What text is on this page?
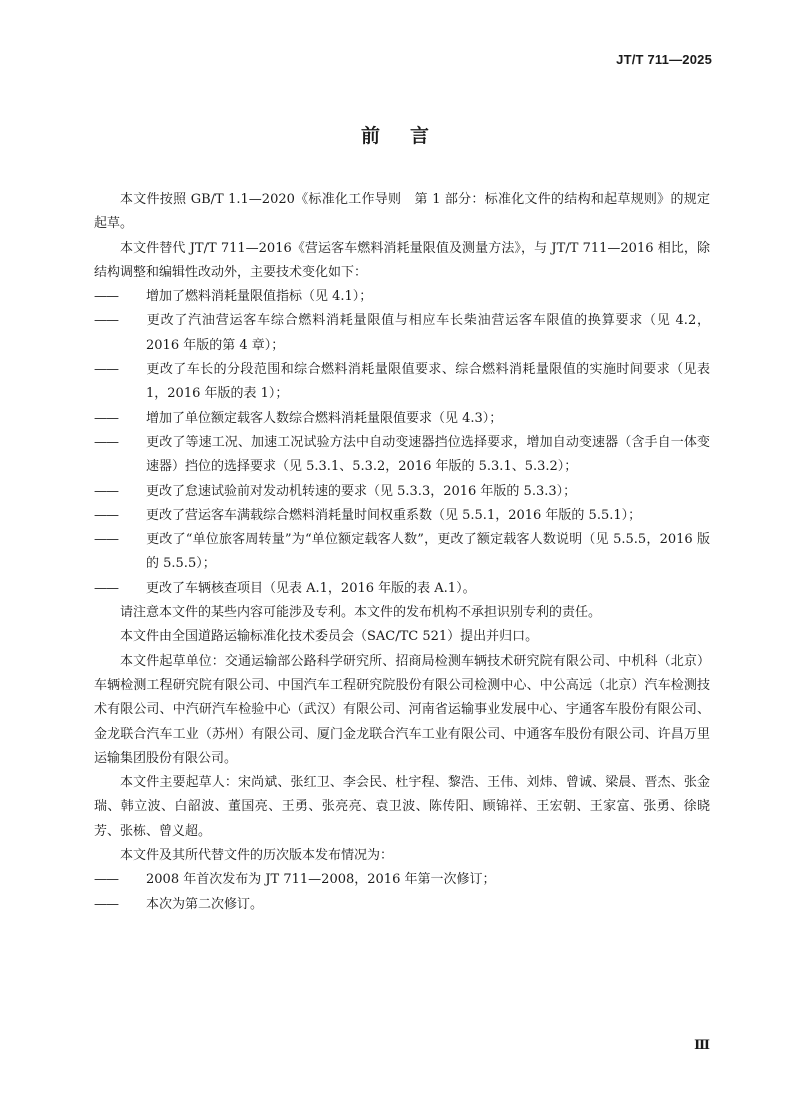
JT/T 711—2025
前言

本文件按照 GB/T 1.1—2020《标准化工作导则　第 1 部分：标准化文件的结构和起草规则》的规定起草。

本文件替代 JT/T 711—2016《营运客车燃料消耗量限值及测量方法》，与 JT/T 711—2016 相比，除结构调整和编辑性改动外，主要技术变化如下：

—— 增加了燃料消耗量限值指标（见 4.1）；

—— 更改了汽油营运客车综合燃料消耗量限值与相应车长柴油营运客车限值的换算要求（见 4.2，2016 年版的第 4 章）；

—— 更改了车长的分段范围和综合燃料消耗量限值要求、综合燃料消耗量限值的实施时间要求（见表 1，2016 年版的表 1）；

—— 增加了单位额定载客人数综合燃料消耗量限值要求（见 4.3）；

—— 更改了等速工况、加速工况试验方法中自动变速器挡位选择要求，增加自动变速器（含手自一体变速器）挡位的选择要求（见 5.3.1、5.3.2，2016 年版的 5.3.1、5.3.2）；

—— 更改了怠速试验前对发动机转速的要求（见 5.3.3，2016 年版的 5.3.3）；

—— 更改了营运客车满载综合燃料消耗量时间权重系数（见 5.5.1，2016 年版的 5.5.1）；

—— 更改了“单位旅客周转量”为“单位额定载客人数”，更改了额定载客人数说明（见 5.5.5，2016 版的 5.5.5）；

—— 更改了车辆核查项目（见表 A.1，2016 年版的表 A.1）。

请注意本文件的某些内容可能涉及专利。本文件的发布机构不承担识别专利的责任。

本文件由全国道路运输标准化技术委员会（SAC/TC 521）提出并归口。

本文件起草单位：交通运输部公路科学研究所、招商局检测车辆技术研究院有限公司、中机科（北京）车辆检测工程研究院有限公司、中国汽车工程研究院股份有限公司检测中心、中公高远（北京）汽车检测技术有限公司、中汽研汽车检验中心（武汉）有限公司、河南省运输事业发展中心、宇通客车股份有限公司、金龙联合汽车工业（苏州）有限公司、厦门金龙联合汽车工业有限公司、中通客车股份有限公司、许昌万里运输集团股份有限公司。

本文件主要起草人：宋尚斌、张红卫、李会民、杜宇程、黎浩、王伟、刘炜、曾诚、梁晨、晋杰、张金瑞、韩立波、白韶波、董国亮、王勇、张亮亮、袁卫波、陈传阳、顾锦祥、王宏朝、王家富、张勇、徐晓芳、张栋、曾义超。

本文件及其所代替文件的历次版本发布情况为：

—— 2008 年首次发布为 JT 711—2008，2016 年第一次修订；

—— 本次为第二次修订。

Ⅲ
